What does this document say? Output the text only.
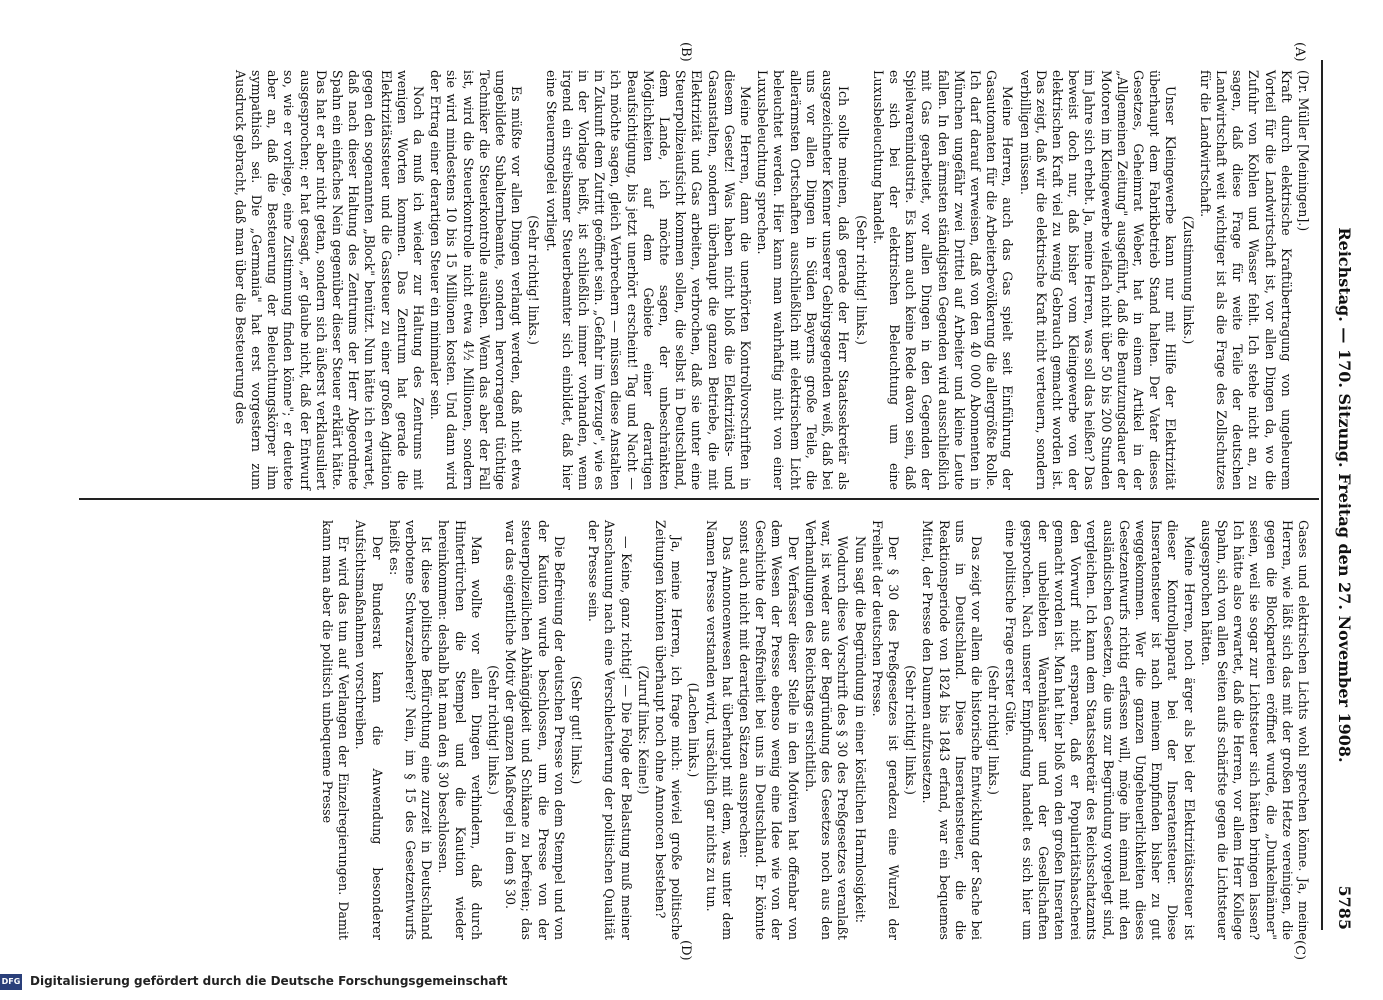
Reichstag. — 170. Sitzung. Freitag den 27. November 1908.
5785
(A)
(B)
(C)
(D)

(Dr. Müller [Meiningen].)

Kraft durch elektrische Kraftübertragung von ungeheurem Vorteil für die Landwirtschaft ist, vor allen Dingen da, wo die Zufuhr von Kohlen und Wasser fehlt. Ich stehe nicht an, zu sagen, daß diese Frage für weite Teile der deutschen Landwirtschaft weit wichtiger ist als die Frage des Zollschutzes für die Landwirtschaft.

(Zustimmung links.)

Unser Kleingewerbe kann nur mit Hilfe der Elektrizität überhaupt dem Fabrikbetrieb Stand halten. Der Vater dieses Gesetzes, Geheimrat Weber, hat in einem Artikel in der „Allgemeinen Zeitung" ausgeführt, daß die Benutzungsdauer der Motoren im Kleingewerbe vielfach nicht über 50 bis 200 Stunden im Jahre sich erhebt. Ja, meine Herren, was soll das heißen? Das beweist doch nur, daß bisher vom Kleingewerbe von der elektrischen Kraft viel zu wenig Gebrauch gemacht worden ist. Das zeigt, daß wir die elektrische Kraft nicht verteuern, sondern verbilligen müssen.

Meine Herren, auch das Gas spielt seit Einführung der Gasautomaten für die Arbeiterbevölkerung die allergrößte Rolle. Ich darf darauf verweisen, daß von den 40 000 Abonnenten in München ungefähr zwei Drittel auf Arbeiter und kleine Leute fallen. In den ärmsten ständigsten Gegenden wird ausschließlich mit Gas gearbeitet, vor allen Dingen in den Gegenden der Spielwarenindustrie. Es kann auch keine Rede davon sein, daß es sich bei der elektrischen Beleuchtung um eine Luxusbeleuchtung handelt.

(Sehr richtig! links.)

Ich sollte meinen, daß gerade der Herr Staatssekretär als ausgezeichneter Kenner unserer Gebirgsgegenden weiß, daß bei uns vor allen Dingen in Süden Bayerns große Teile, die allerärmsten Ortschaften ausschließlich mit elektrischem Licht beleuchtet werden. Hier kann man wahrhaftig nicht von einer Luxusbeleuchtung sprechen.

Meine Herren, dann die unerhörten Kontrollvorschriften in diesem Gesetz! Was haben nicht bloß die Elektrizitäts- und Gasanstalten, sondern überhaupt die ganzen Betriebe, die mit Elektrizität und Gas arbeiten, verbrochen, daß sie unter eine Steuerpolizeiaufsicht kommen sollen, die selbst in Deutschland, dem Lande, ich möchte sagen, der unbeschränkten Möglichkeiten auf dem Gebiete einer derartigen Beaufsichtigung, bis jetzt unerhört erscheint! Tag und Nacht — ich möchte sagen, gleich Verbrechern — müssen diese Anstalten in Zukunft dem Zutritt geöffnet sein. „Gefahr im Verzuge", wie es in der Vorlage heißt, ist schließlich immer vorhanden, wenn irgend ein streibsamer Steuerbeamter sich einbildet, daß hier eine Steuermogelei vorliegt.

(Sehr richtig! links.)

Es müßte vor allen Dingen verlangt werden, daß nicht etwa ungebildete Subalternbeamte, sondern hervorragend tüchtige Techniker die Steuerkontrolle ausüben. Wenn das aber der Fall ist, wird die Steuerkontrolle nicht etwa 4½ Millionen, sondern sie wird mindestens 10 bis 15 Millionen kosten. Und dann wird der Ertrag einer derartigen Steuer ein minimaler sein.

Noch da muß ich wieder zur Haltung des Zentrums mit wenigen Worten kommen. Das Zentrum hat gerade die Elektrizitätssteuer und die Gassteuer zu einer großen Agitation gegen den sogenannten „Block" benützt. Nun hätte ich erwartet, daß nach dieser Haltung des Zentrums der Herr Abgeordnete Spahn ein einfaches Nein gegenüber dieser Steuer erklärt hätte. Das hat er aber nicht getan, sondern sich äußerst verklausuliert ausgesprochen; er hat gesagt, „er glaube nicht, daß der Entwurf so, wie er vorliege, eine Zustimmung finden könne"; er deutete aber an, daß die Besteuerung der Beleuchtungskörper ihm sympathisch sei. Die „Germania" hat erst vorgestern zum Ausdruck gebracht, daß man über die Besteuerung des

Gases und elektrischen Lichts wohl sprechen könne. Ja, meine Herren, wie läßt sich das mit der großen Hetze vereinigen, die gegen die Blockparteien eröffnet wurde, die „Dunkelmänner" seien, weil sie sogar zur Lichtsteuer sich hätten bringen lassen? Ich hätte also erwartet, daß die Herren, vor allem Herr Kollege Spahn, sich von allen Seiten aufs schärfste gegen die Lichtsteuer ausgesprochen hätten.

Meine Herren, noch ärger als bei der Elektrizitätssteuer ist dieser Kontrollapparat bei der Inseratensteuer. Diese Inseratensteuer ist nach meinem Empfinden bisher zu gut weggekommen. Wer die ganzen Ungeheuerlichkeiten dieses Gesetzentwurfs richtig erfassen will, möge ihn einmal mit den ausländischen Gesetzen, die uns zur Begründung vorgelegt sind, vergleichen. Ich kann dem Staatssekretär des Reichsschatzamts den Vorwurf nicht ersparen, daß er Popularitätshascherei gemacht worden ist. Man hat hier bloß von den großen Inseraten der unbeliebten Warenhäuser und der Gesellschaften gesprochen. Nach unserer Empfindung handelt es sich hier um eine politische Frage erster Güte.

(Sehr richtig! links.)

Das zeigt vor allem die historische Entwicklung der Sache bei uns in Deutschland. Diese Inseratensteuer, die die Reaktionsperiode von 1824 bis 1843 erfand, war ein bequemes Mittel, der Presse den Daumen aufzusetzen.

(Sehr richtig! links.)

Der § 30 des Preßgesetzes ist geradezu eine Wurzel der Freiheit der deutschen Presse.

Nun sagt die Begründung in einer köstlichen Harmlosigkeit:

Wodurch diese Vorschrift des § 30 des Preßgesetzes veranlaßt war, ist weder aus der Begründung des Gesetzes noch aus den Verhandlungen des Reichstags ersichtlich.

Der Verfasser dieser Stelle in den Motiven hat offenbar von dem Wesen der Presse ebenso wenig eine Idee wie von der Geschichte der Preßfreiheit bei uns in Deutschland. Er könnte sonst auch nicht mit derartigen Sätzen aussprechen:

Das Annoncenwesen hat überhaupt mit dem, was unter dem Namen Presse verstanden wird, ursächlich gar nichts zu tun.

(Lachen links.)

Ja, meine Herren, ich frage mich: wieviel große politische Zeitungen könnten überhaupt noch ohne Annoncen bestehen?

(Zuruf links: Keine!)

— Keine, ganz richtig! — Die Folge der Belastung muß meiner Anschauung nach eine Verschlechterung der politischen Qualität der Presse sein.

(Sehr gut! links.)

Die Befreiung der deutschen Presse von dem Stempel und von der Kaution wurde beschlossen, um die Presse von der steuerpolizeilichen Abhängigkeit und Schikane zu befreien; das war das eigentliche Motiv der ganzen Maßregel in dem § 30.

(Sehr richtig! links.)

Man wollte vor allen Dingen verhindern, daß durch Hintertürchen die Stempel und die Kaution wieder hereinkommen: deshalb hat man den § 30 beschlossen.

Ist diese politische Befürchtung eine zurzeit in Deutschland verbotene Schwarzseherei? Nein, im § 15 des Gesetzentwurfs heißt es:

Der Bundesrat kann die Anwendung besonderer Aufsichtsmaßnahmen vorschreiben.

Er wird das tun auf Verlangen der Einzelregierungen. Damit kann man aber die politisch unbequeme Presse

DFG Digitalisierung gefördert durch die Deutsche Forschungsgemeinschaft
